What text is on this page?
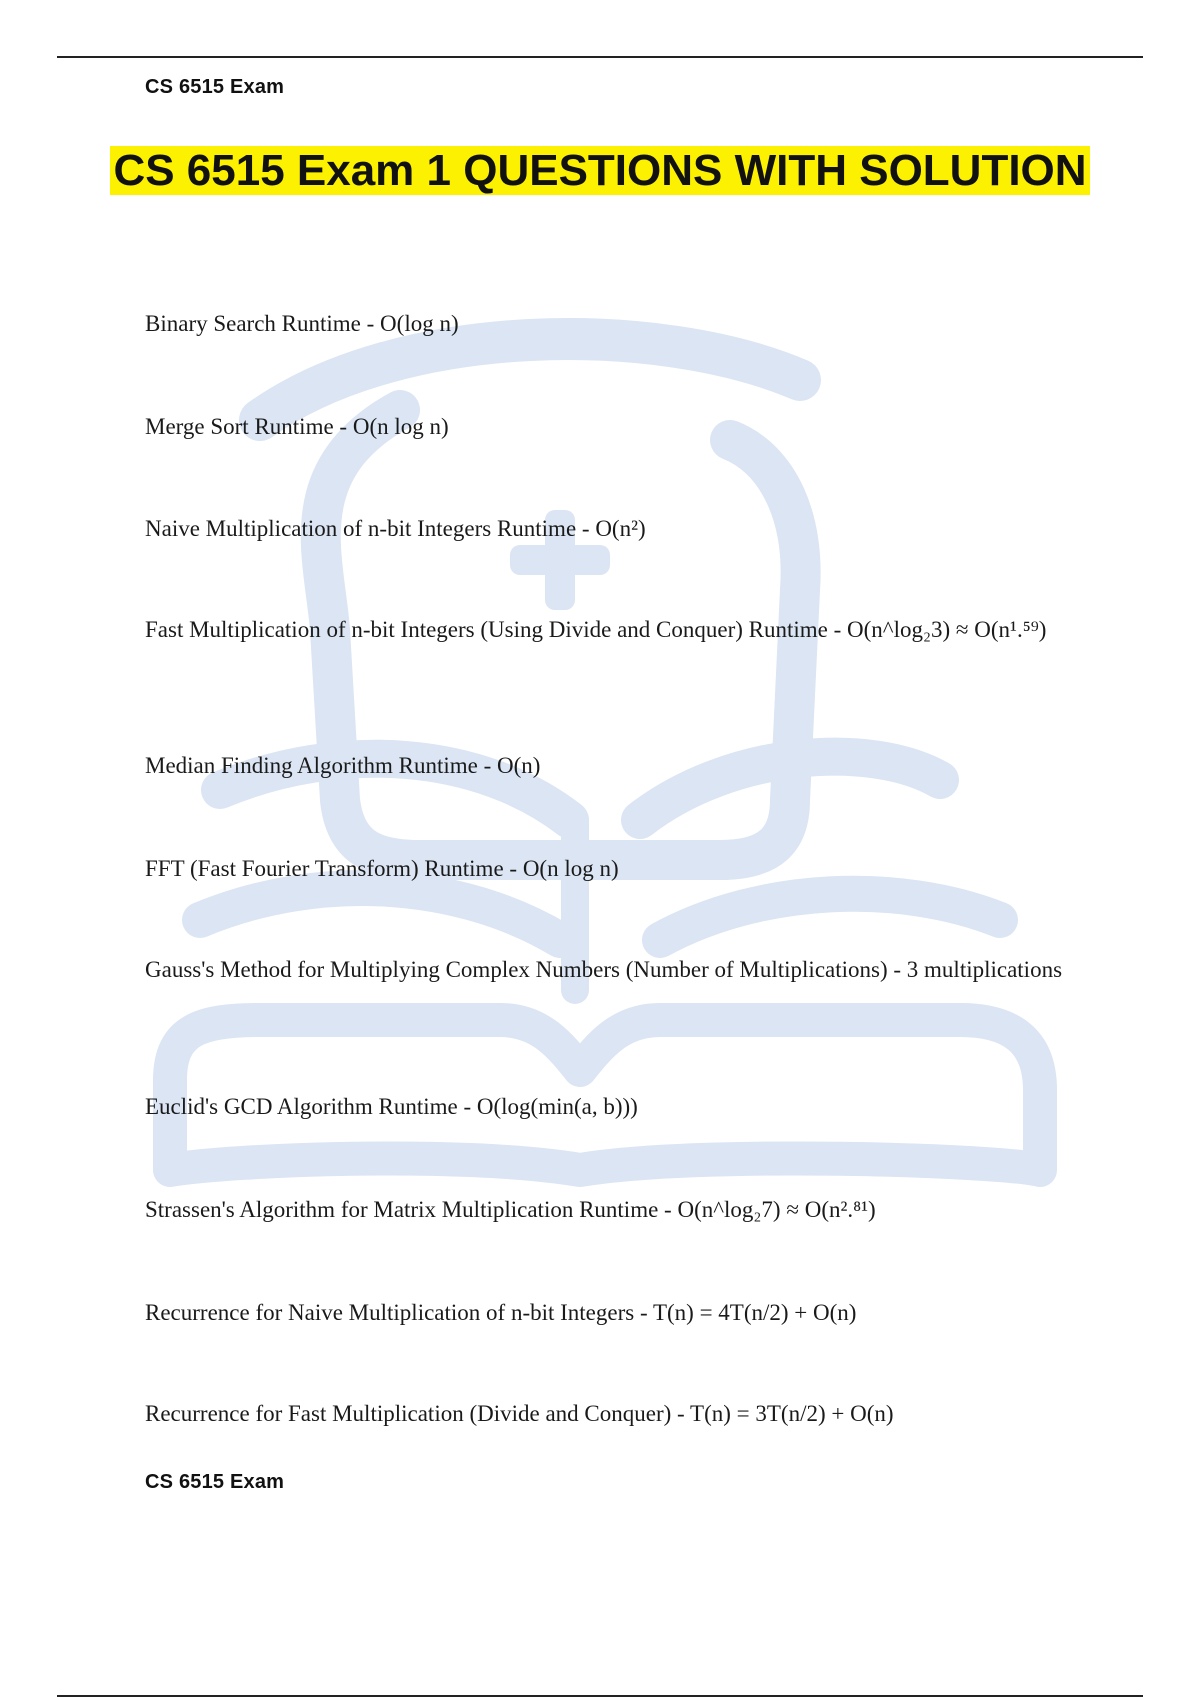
CS 6515 Exam
CS 6515 Exam 1 QUESTIONS WITH SOLUTION
Binary Search Runtime - O(log n)
Merge Sort Runtime - O(n log n)
Naive Multiplication of n-bit Integers Runtime - O(n²)
Fast Multiplication of n-bit Integers (Using Divide and Conquer) Runtime - O(n^log₂3) ≈ O(n¹.⁵⁹)
Median Finding Algorithm Runtime - O(n)
FFT (Fast Fourier Transform) Runtime - O(n log n)
Gauss's Method for Multiplying Complex Numbers (Number of Multiplications) - 3 multiplications
Euclid's GCD Algorithm Runtime - O(log(min(a, b)))
Strassen's Algorithm for Matrix Multiplication Runtime - O(n^log₂7) ≈ O(n².⁸¹)
Recurrence for Naive Multiplication of n-bit Integers - T(n) = 4T(n/2) + O(n)
Recurrence for Fast Multiplication (Divide and Conquer) - T(n) = 3T(n/2) + O(n)
CS 6515 Exam
